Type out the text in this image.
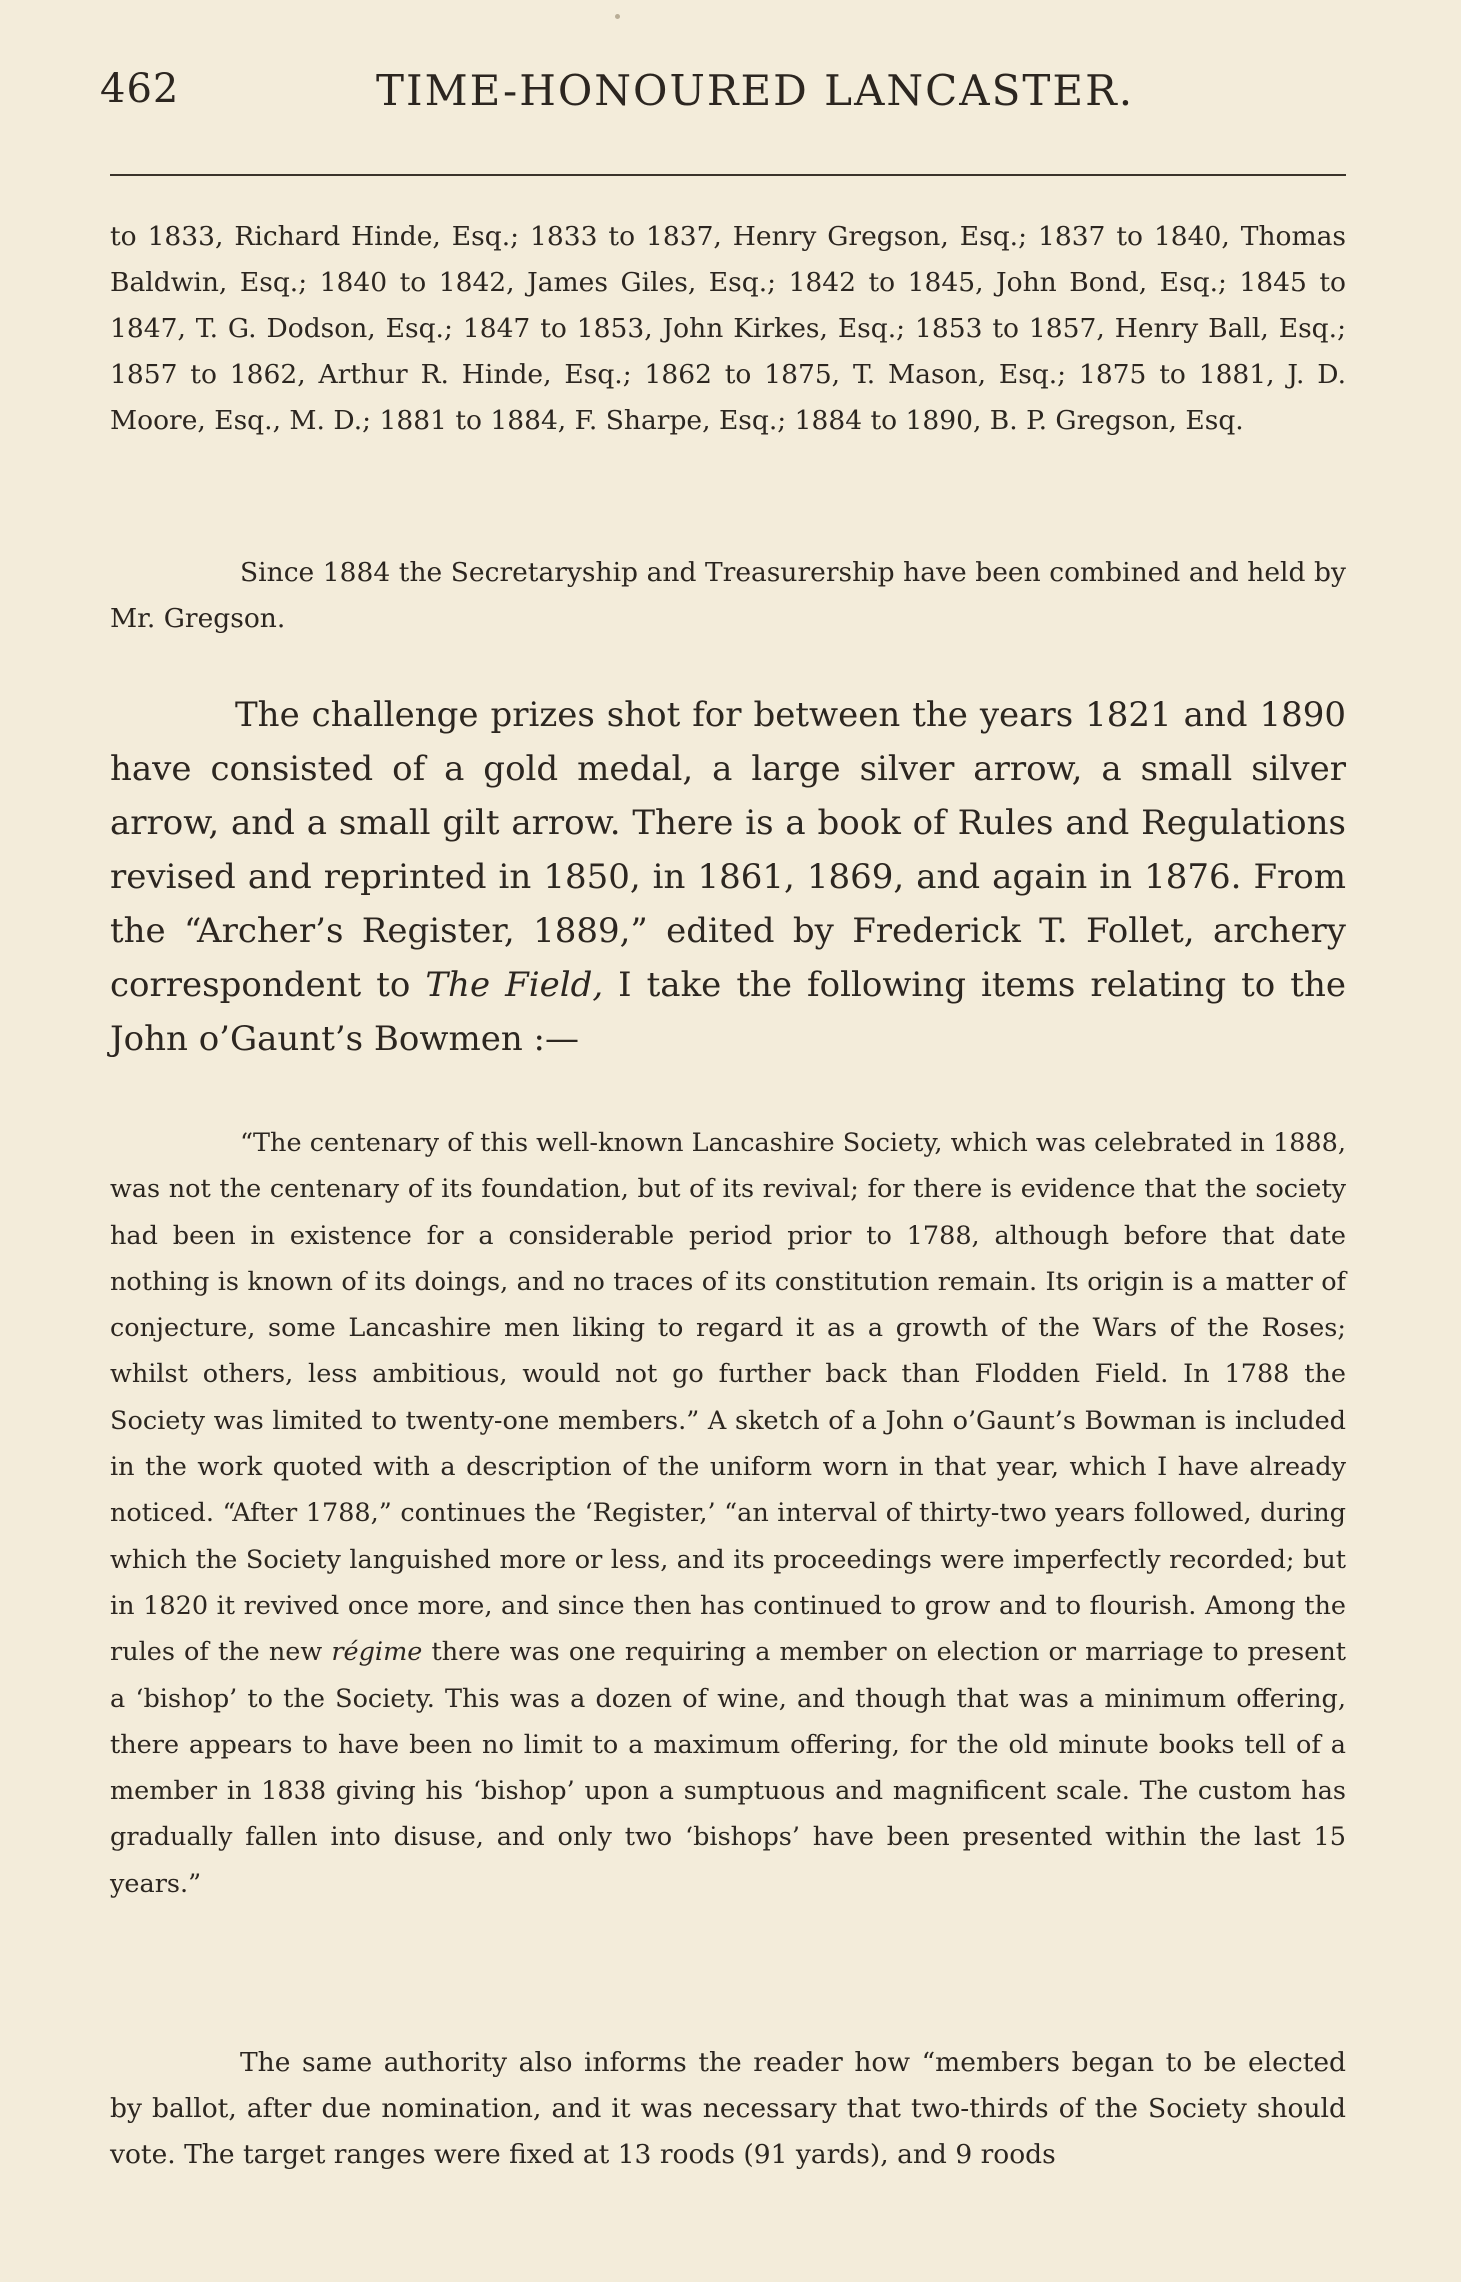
462	TIME-HONOURED LANCASTER.

to 1833, Richard Hinde, Esq.; 1833 to 1837, Henry Gregson, Esq.; 1837 to 1840, Thomas Baldwin, Esq.; 1840 to 1842, James Giles, Esq.; 1842 to 1845, John Bond, Esq.; 1845 to 1847, T. G. Dodson, Esq.; 1847 to 1853, John Kirkes, Esq.; 1853 to 1857, Henry Ball, Esq.; 1857 to 1862, Arthur R. Hinde, Esq.; 1862 to 1875, T. Mason, Esq.; 1875 to 1881, J. D. Moore, Esq., M. D.; 1881 to 1884, F. Sharpe, Esq.; 1884 to 1890, B. P. Gregson, Esq.

Since 1884 the Secretaryship and Treasurership have been combined and held by Mr. Gregson.

The challenge prizes shot for between the years 1821 and 1890 have consisted of a gold medal, a large silver arrow, a small silver arrow, and a small gilt arrow. There is a book of Rules and Regulations revised and reprinted in 1850, in 1861, 1869, and again in 1876. From the “Archer’s Register, 1889,” edited by Frederick T. Follet, archery correspondent to The Field, I take the following items relating to the John o’Gaunt’s Bowmen :—

“The centenary of this well-known Lancashire Society, which was celebrated in 1888, was not the centenary of its foundation, but of its revival; for there is evidence that the society had been in existence for a considerable period prior to 1788, although before that date nothing is known of its doings, and no traces of its constitution remain. Its origin is a matter of conjecture, some Lancashire men liking to regard it as a growth of the Wars of the Roses; whilst others, less ambitious, would not go further back than Flodden Field. In 1788 the Society was limited to twenty-one members.” A sketch of a John o’Gaunt’s Bowman is included in the work quoted with a description of the uniform worn in that year, which I have already noticed. “After 1788,” continues the ‘Register,’ “an interval of thirty-two years followed, during which the Society languished more or less, and its proceedings were imperfectly recorded; but in 1820 it revived once more, and since then has continued to grow and to flourish. Among the rules of the new régime there was one requiring a member on election or marriage to present a ‘bishop’ to the Society. This was a dozen of wine, and though that was a minimum offering, there appears to have been no limit to a maximum offering, for the old minute books tell of a member in 1838 giving his ‘bishop’ upon a sumptuous and magnificent scale. The custom has gradually fallen into disuse, and only two ‘bishops’ have been presented within the last 15 years.”

The same authority also informs the reader how “members began to be elected by ballot, after due nomination, and it was necessary that two-thirds of the Society should vote. The target ranges were fixed at 13 roods (91 yards), and 9 roods
